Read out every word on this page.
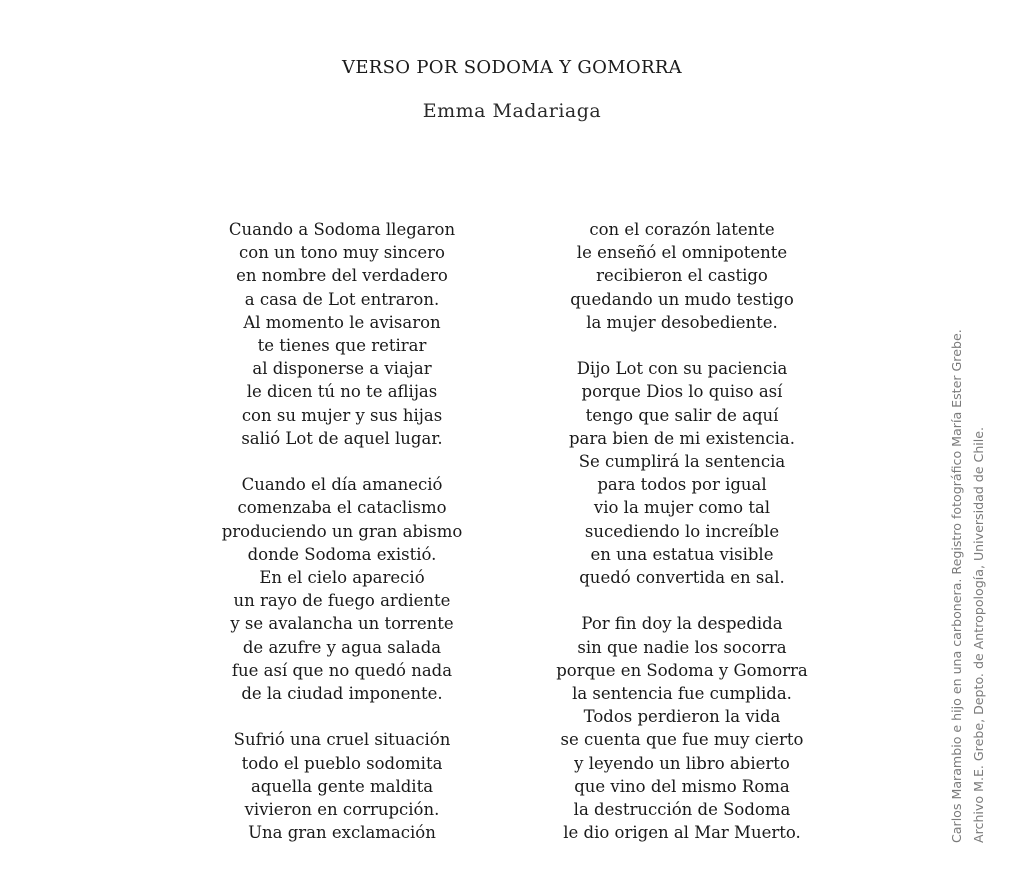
VERSO POR SODOMA Y GOMORRA
Emma Madariaga
Cuando a Sodoma llegaron
con un tono muy sincero
en nombre del verdadero
a casa de Lot entraron.
Al momento le avisaron
te tienes que retirar
al disponerse a viajar
le dicen tú no te aflijas
con su mujer y sus hijas
salió Lot de aquel lugar.
Cuando el día amaneció
comenzaba el cataclismo
produciendo un gran abismo
donde Sodoma existió.
En el cielo apareció
un rayo de fuego ardiente
y se avalancha un torrente
de azufre y agua salada
fue así que no quedó nada
de la ciudad imponente.
Sufrió una cruel situación
todo el pueblo sodomita
aquella gente maldita
vivieron en corrupción.
Una gran exclamación
con el corazón latente
le enseñó el omnipotente
recibieron el castigo
quedando un mudo testigo
la mujer desobediente.
Dijo Lot con su paciencia
porque Dios lo quiso así
tengo que salir de aquí
para bien de mi existencia.
Se cumplirá la sentencia
para todos por igual
vio la mujer como tal
sucediendo lo increíble
en una estatua visible
quedó convertida en sal.
Por fin doy la despedida
sin que nadie los socorra
porque en Sodoma y Gomorra
la sentencia fue cumplida.
Todos perdieron la vida
se cuenta que fue muy cierto
y leyendo un libro abierto
que vino del mismo Roma
la destrucción de Sodoma
le dio origen al Mar Muerto.	Carlos Marambio e hijo en una carbonera. Registro fotográfico María Ester Grebe. Archivo M.E. Grebe, Depto. de Antropología, Universidad de Chile.
